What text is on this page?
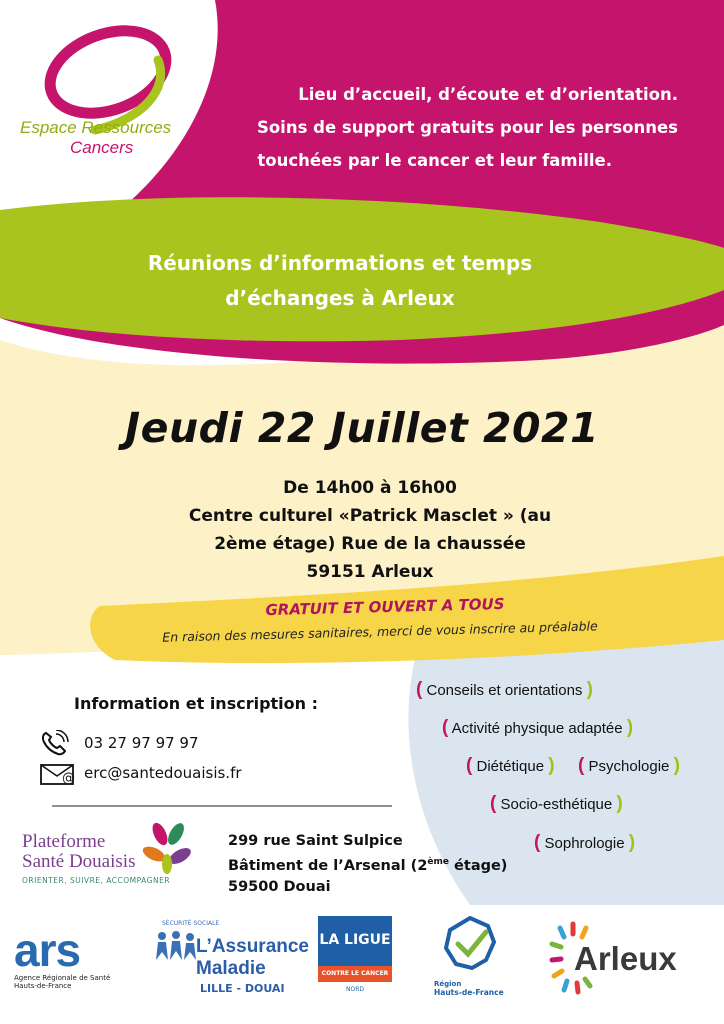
Espace Ressources
Cancers
Lieu d’accueil, d’écoute et d’orientation.
Soins de support gratuits pour les personnes
touchées par le cancer et leur famille.
Réunions d’informations et temps
d’échanges à Arleux
Jeudi 22 Juillet 2021
De 14h00 à 16h00
Centre culturel «Patrick Masclet » (au
2ème étage) Rue de la chaussée
59151 Arleux
GRATUIT ET OUVERT A TOUS
En raison des mesures sanitaires, merci de vous inscrire au préalable
Information et inscription :
03 27 97 97 97
@ erc@santedouaisis.fr
( Conseils et orientations )
( Activité physique adaptée )
( Diététique ) ( Psychologie )
( Socio-esthétique )
( Sophrologie )
Plateforme
Santé Douaisis
ORIENTER, SUIVRE, ACCOMPAGNER
299 rue Saint Sulpice
Bâtiment de l’Arsenal (2ème étage)
59500 Douai
ars
Agence Régionale de Santé
Hauts-de-France
SÉCURITÉ SOCIALE
L’Assurance
Maladie
LILLE - DOUAI
LA LIGUE
CONTRE LE CANCER
NORD
Région
Hauts-de-France
Arleux
